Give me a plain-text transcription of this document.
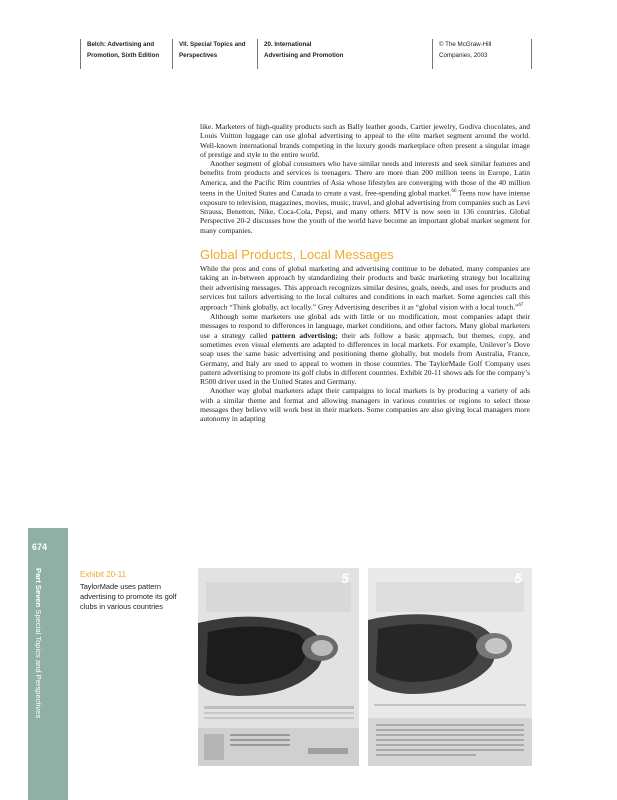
Belch: Advertising and
Promotion, Sixth Edition
VII. Special Topics and
Perspectives
20. International
Advertising and Promotion
© The McGraw-Hill
Companies, 2003
674
Part Seven Special Topics and Perspectives

like. Marketers of high-quality products such as Bally leather goods, Cartier jewelry, Godiva chocolates, and Louis Vuitton luggage can use global advertising to appeal to the elite market segment around the world. Well-known international brands competing in the luxury goods marketplace often present a singular image of prestige and style to the entire world.

Another segment of global consumers who have similar needs and interests and seek similar features and benefits from products and services is teenagers. There are more than 200 million teens in Europe, Latin America, and the Pacific Rim countries of Asia whose lifestyles are converging with those of the 40 million teens in the United States and Canada to create a vast, free-spending global market.$^{66}$ Teens now have intense exposure to television, magazines, movies, music, travel, and global advertising from companies such as Levi Strauss, Benetton, Nike, Coca-Cola, Pepsi, and many others. MTV is now seen in 136 countries. Global Perspective 20-2 discusses how the youth of the world have become an important global market segment for many companies.

Global Products, Local Messages

While the pros and cons of global marketing and advertising continue to be debated, many companies are taking an in-between approach by standardizing their products and basic marketing strategy but localizing their advertising messages. This approach recognizes similar desires, goals, needs, and uses for products and services but tailors advertising to the local cultures and conditions in each market. Some agencies call this approach “Think globally, act locally.” Grey Advertising describes it as “global vision with a local touch.”$^{67}$

Although some marketers use global ads with little or no modification, most companies adapt their messages to respond to differences in language, market conditions, and other factors. Many global marketers use a strategy called pattern advertising; their ads follow a basic approach, but themes, copy, and sometimes even visual elements are adapted to differences in local markets. For example, Unilever’s Dove soap uses the same basic advertising and positioning theme globally, but models from Australia, France, Germany, and Italy are used to appeal to women in those countries. The TaylorMade Golf Company uses pattern advertising to promote its golf clubs in different countries. Exhibit 20-11 shows ads for the company’s R500 driver used in the United States and Germany.

Another way global marketers adapt their campaigns to local markets is by producing a variety of ads with a similar theme and format and allowing managers in various countries or regions to select those messages they believe will work best in their markets. Some companies are also giving local managers more autonomy in adapting

Exhibit 20-11
TaylorMade uses pattern advertising to promote its golf clubs in various countries
5	5
